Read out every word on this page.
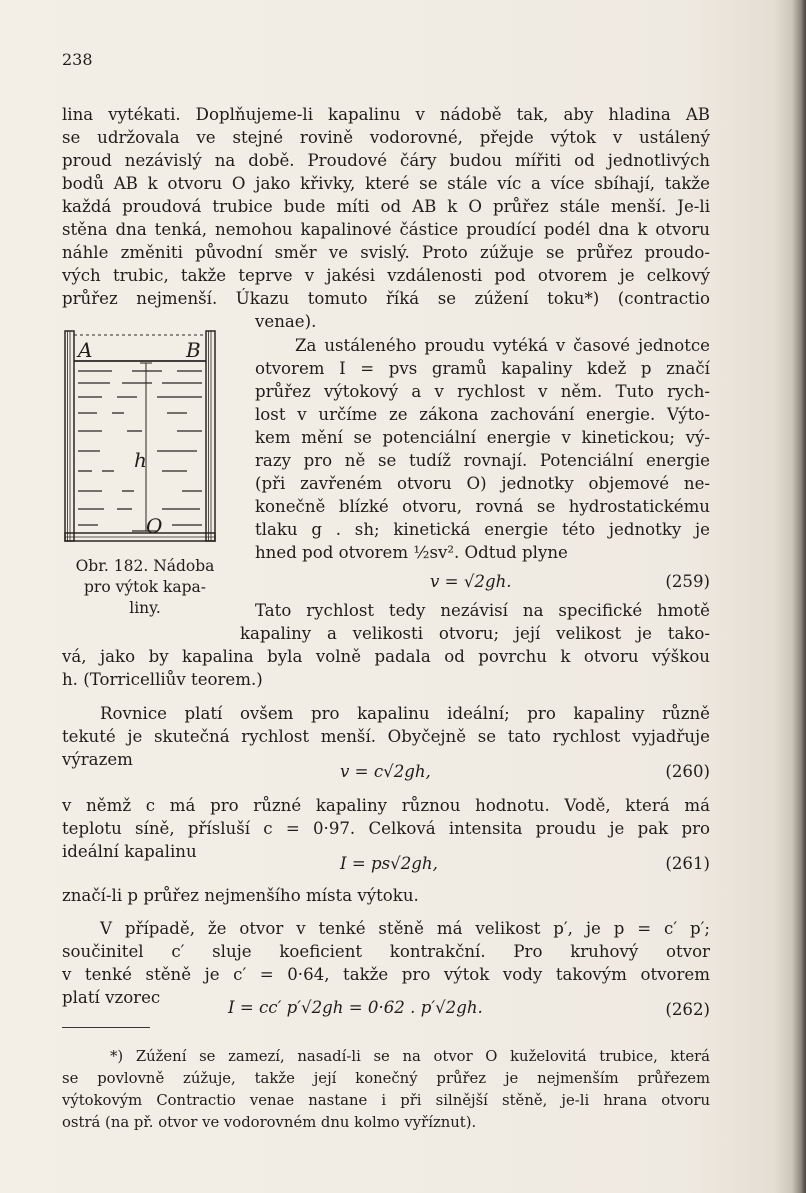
238
lina vytékati. Doplňujeme-li kapalinu v nádobě tak, aby hladina AB
se udržovala ve stejné rovině vodorovné, přejde výtok v ustálený
proud nezávislý na době. Proudové čáry budou mířiti od jednotlivých
bodů AB k otvoru O jako křivky, které se stále víc a více sbíhají, takže
každá proudová trubice bude míti od AB k O průřez stále menší. Je-li
stěna dna tenká, nemohou kapalinové částice proudící podél dna k otvoru
náhle změniti původní směr ve svislý. Proto zúžuje se průřez proudo-
vých trubic, takže teprve v jakési vzdálenosti pod otvorem je celkový
průřez nejmenší. Úkazu tomuto říká se zúžení toku*) (contractio
venae).
A	B
h
O
Obr. 182. Nádoba
pro výtok kapa-
liny.
Za ustáleného proudu vytéká v časové jednotce
otvorem I = pvs gramů kapaliny kdež p značí
průřez výtokový a v rychlost v něm. Tuto rych-
lost v určíme ze zákona zachování energie. Výto-
kem mění se potenciální energie v kinetickou; vý-
razy pro ně se tudíž rovnají. Potenciální energie
(při zavřeném otvoru O) jednotky objemové ne-
konečně blízké otvoru, rovná se hydrostatickému
tlaku g . sh; kinetická energie této jednotky je
hned pod otvorem ½sv². Odtud plyne
v = √2gh.	(259)
Tato rychlost tedy nezávisí na specifické hmotě
kapaliny a velikosti otvoru; její velikost je tako-
vá, jako by kapalina byla volně padala od povrchu k otvoru výškou
h. (Torricelliův teorem.)
Rovnice platí ovšem pro kapalinu ideální; pro kapaliny různě
tekuté je skutečná rychlost menší. Obyčejně se tato rychlost vyjadřuje
výrazem
v = c√2gh,	(260)
v němž c má pro různé kapaliny různou hodnotu. Vodě, která má
teplotu síně, přísluší c = 0·97. Celková intensita proudu je pak pro
ideální kapalinu
I = ps√2gh,	(261)
značí-li p průřez nejmenšího místa výtoku.
V případě, že otvor v tenké stěně má velikost p′, je p = c′ p′;
součinitel c′ sluje koeficient kontrakční. Pro kruhový otvor
v tenké stěně je c′ = 0·64, takže pro výtok vody takovým otvorem
platí vzorec
I = cc′ p′√2gh = 0·62 . p′√2gh.	(262)
*) Zúžení se zamezí, nasadí-li se na otvor O kuželovitá trubice, která
se povlovně zúžuje, takže její konečný průřez je nejmenším průřezem
výtokovým Contractio venae nastane i při silnější stěně, je-li hrana otvoru
ostrá (na př. otvor ve vodorovném dnu kolmo vyříznut).
